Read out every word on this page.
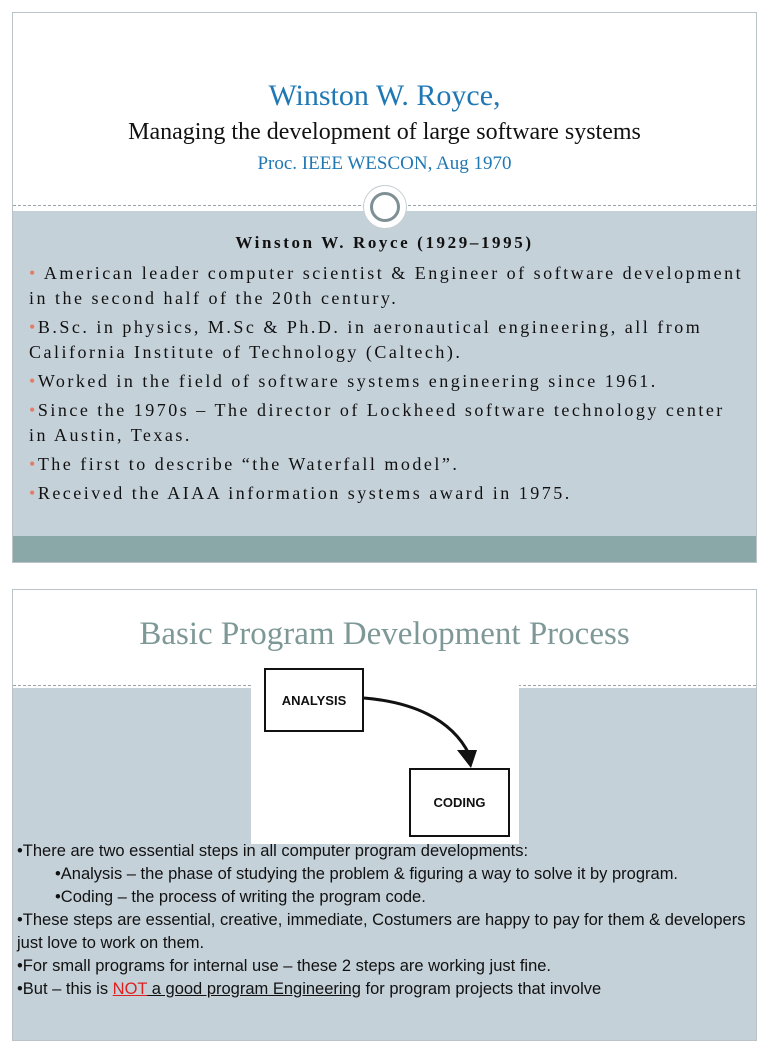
Winston W. Royce,
Managing the development of large software systems
Proc. IEEE WESCON, Aug 1970
Winston W. Royce (1929–1995)
• American leader computer scientist & Engineer of software development in the second half of the 20th century.
•B.Sc. in physics, M.Sc & Ph.D. in aeronautical engineering, all from California Institute of Technology (Caltech).
•Worked in the field of software systems engineering since 1961.
•Since the 1970s – The director of Lockheed software technology center in Austin, Texas.
•The first to describe “the Waterfall model”.
•Received the AIAA information systems award in 1975.
Basic Program Development Process
ANALYSIS
CODING

•There are two essential steps in all computer program developments:

•Analysis – the phase of studying the problem & figuring a way to solve it by program.

•Coding – the process of writing the program code.

•These steps are essential, creative, immediate, Costumers are happy to pay for them & developers just love to work on them.

•For small programs for internal use – these 2 steps are working just fine.

•But – this is NOT a good program Engineering for program projects that involve
